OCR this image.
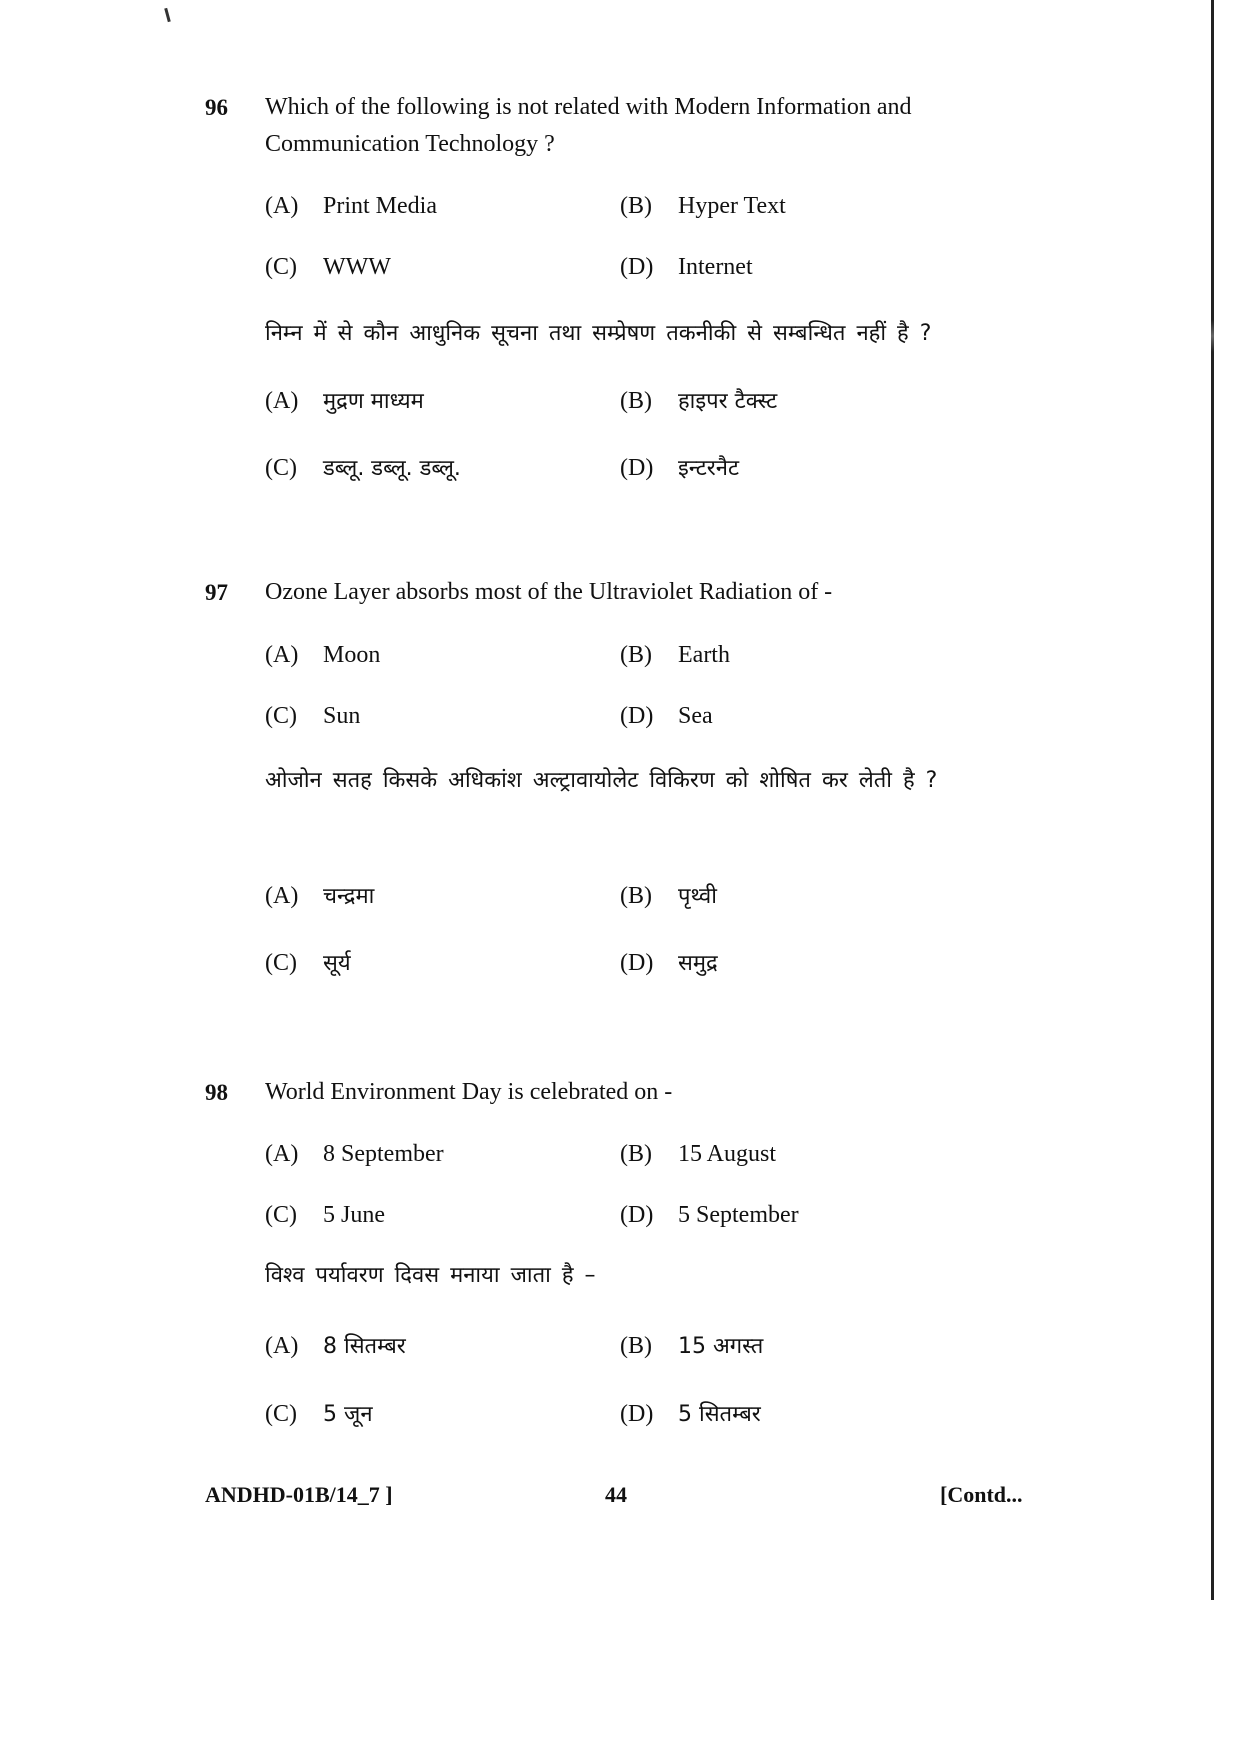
96 Which of the following is not related with Modern Information and Communication Technology ?
(A) Print Media	(B) Hyper Text
(C) WWW	(D) Internet
निम्न में से कौन आधुनिक सूचना तथा सम्प्रेषण तकनीकी से सम्बन्धित नहीं है ?
(A) मुद्रण माध्यम	(B) हाइपर टैक्स्ट
(C) डब्लू. डब्लू. डब्लू.	(D) इन्टरनैट
97 Ozone Layer absorbs most of the Ultraviolet Radiation of -
(A) Moon	(B) Earth
(C) Sun	(D) Sea
ओजोन सतह किसके अधिकांश अल्ट्रावायोलेट विकिरण को शोषित कर लेती है ?
(A) चन्द्रमा	(B) पृथ्वी
(C) सूर्य	(D) समुद्र
98 World Environment Day is celebrated on -
(A) 8 September	(B) 15 August
(C) 5 June	(D) 5 September
विश्व पर्यावरण दिवस मनाया जाता है –
(A) 8 सितम्बर	(B) 15 अगस्त
(C) 5 जून	(D) 5 सितम्बर
ANDHD-01B/14_7 ]	44	[Contd...
